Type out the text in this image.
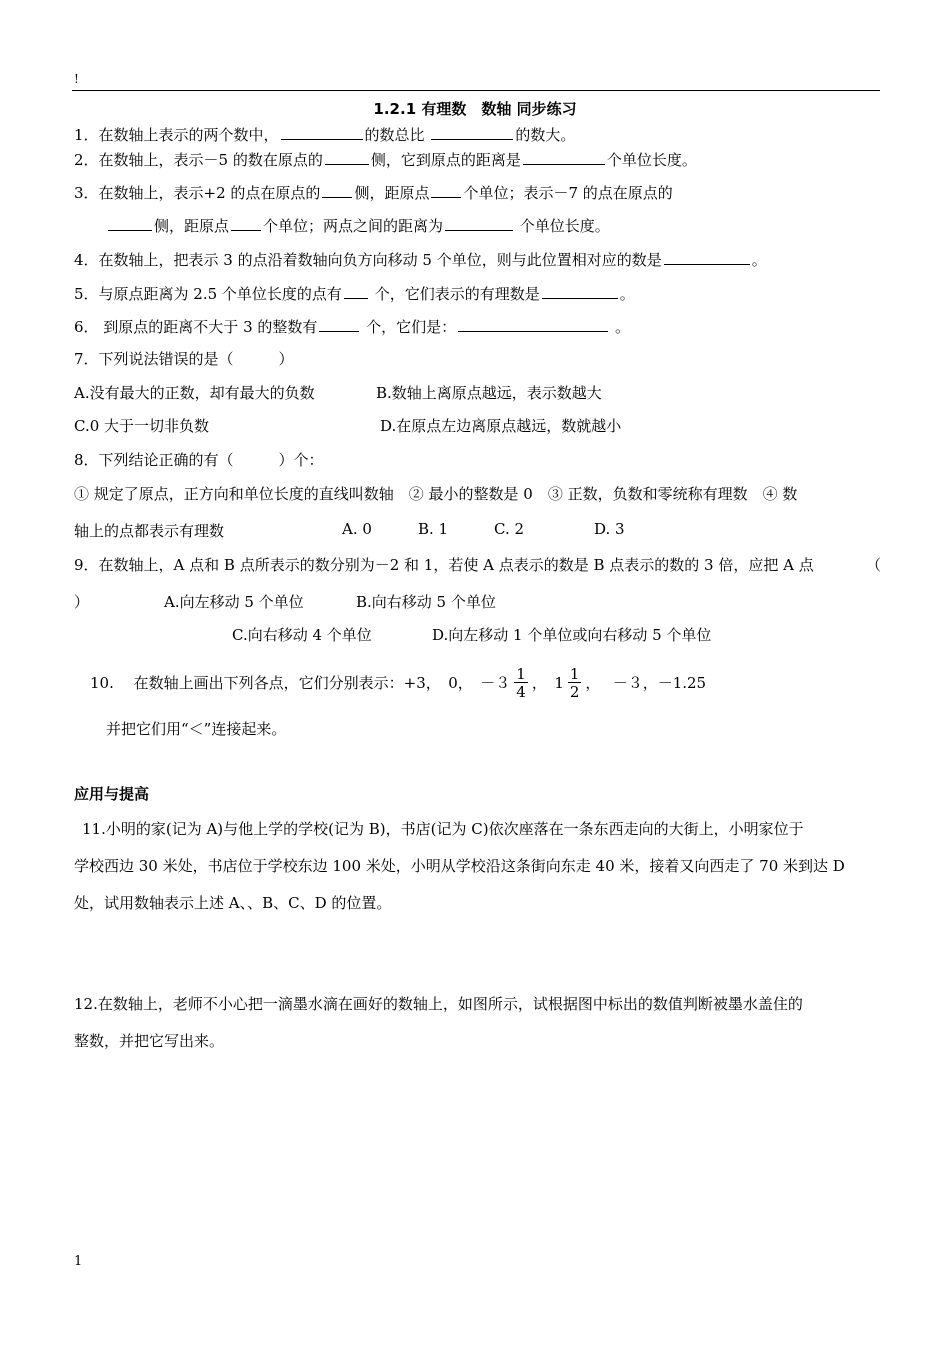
!
1.2.1 有理数　数轴 同步练习
1．在数轴上表示的两个数中，	的数总比	的数大。
2．在数轴上，表示－5 的数在原点的	侧，它到原点的距离是	个单位长度。
3．在数轴上，表示+2 的点在原点的 侧，距原点 个单位；表示－7 的点在原点的
侧，距原点 个单位；两点之间的距离为	个单位长度。
4．在数轴上，把表示 3 的点沿着数轴向负方向移动 5 个单位，则与此位置相对应的数是	。
5．与原点距离为 2.5 个单位长度的点有 个，它们表示的有理数是	。
6． 到原点的距离不大于 3 的整数有	个，它们是：	。
7．下列说法错误的是（　　　）
A.没有最大的正数，却有最大的负数	B.数轴上离原点越远，表示数越大
C.0 大于一切非负数	D.在原点左边离原点越远，数就越小
8．下列结论正确的有（　　　）个：
① 规定了原点，正方向和单位长度的直线叫数轴　② 最小的整数是 0　③ 正数，负数和零统称有理数　④ 数
轴上的点都表示有理数	A. 0	B. 1	C. 2	D. 3
9．在数轴上，A 点和 B 点所表示的数分别为－2 和 1，若使 A 点表示的数是 B 点表示的数的 3 倍，应把 A 点	（
）	A.向左移动 5 个单位	B.向右移动 5 个单位
C.向右移动 4 个单位	D.向左移动 1 个单位或向右移动 5 个单位
10.　 在数轴上画出下列各点，它们分别表示：+3，　0，　$-3 \frac{1}{4}$ ，　$1 \frac{1}{2}$ ，　 －３，－1.25
并把它们用“＜”连接起来。
应用与提高
11.小明的家(记为 A)与他上学的学校(记为 B)，书店(记为 C)依次座落在一条东西走向的大街上，小明家位于
学校西边 30 米处，书店位于学校东边 100 米处，小明从学校沿这条街向东走 40 米，接着又向西走了 70 米到达 D
处，试用数轴表示上述 A、、B、C、D 的位置。
12.在数轴上，老师不小心把一滴墨水滴在画好的数轴上，如图所示，试根据图中标出的数值判断被墨水盖住的
整数，并把它写出来。
1
